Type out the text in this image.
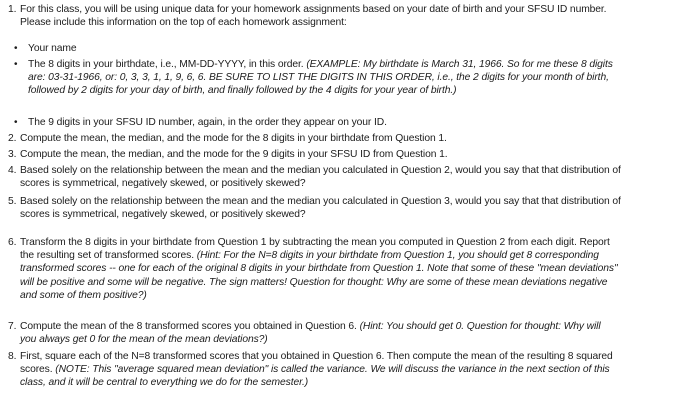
1. For this class, you will be using unique data for your homework assignments based on your date of birth and your SFSU ID number.
Please include this information on the top of each homework assignment:
• Your name
• The 8 digits in your birthdate, i.e., MM-DD-YYYY, in this order. (EXAMPLE: My birthdate is March 31, 1966. So for me these 8 digits
are: 03-31-1966, or: 0, 3, 3, 1, 1, 9, 6, 6. BE SURE TO LIST THE DIGITS IN THIS ORDER, i.e., the 2 digits for your month of birth,
followed by 2 digits for your day of birth, and finally followed by the 4 digits for your year of birth.)
• The 9 digits in your SFSU ID number, again, in the order they appear on your ID.
2. Compute the mean, the median, and the mode for the 8 digits in your birthdate from Question 1.
3. Compute the mean, the median, and the mode for the 9 digits in your SFSU ID from Question 1.
4. Based solely on the relationship between the mean and the median you calculated in Question 2, would you say that that distribution of
scores is symmetrical, negatively skewed, or positively skewed?
5. Based solely on the relationship between the mean and the median you calculated in Question 3, would you say that that distribution of
scores is symmetrical, negatively skewed, or positively skewed?
6. Transform the 8 digits in your birthdate from Question 1 by subtracting the mean you computed in Question 2 from each digit. Report
the resulting set of transformed scores. (Hint: For the N=8 digits in your birthdate from Question 1, you should get 8 corresponding
transformed scores -- one for each of the original 8 digits in your birthdate from Question 1. Note that some of these "mean deviations"
will be positive and some will be negative. The sign matters! Question for thought: Why are some of these mean deviations negative
and some of them positive?)
7. Compute the mean of the 8 transformed scores you obtained in Question 6. (Hint: You should get 0. Question for thought: Why will
you always get 0 for the mean of the mean deviations?)
8. First, square each of the N=8 transformed scores that you obtained in Question 6. Then compute the mean of the resulting 8 squared
scores. (NOTE: This "average squared mean deviation" is called the variance. We will discuss the variance in the next section of this
class, and it will be central to everything we do for the semester.)
